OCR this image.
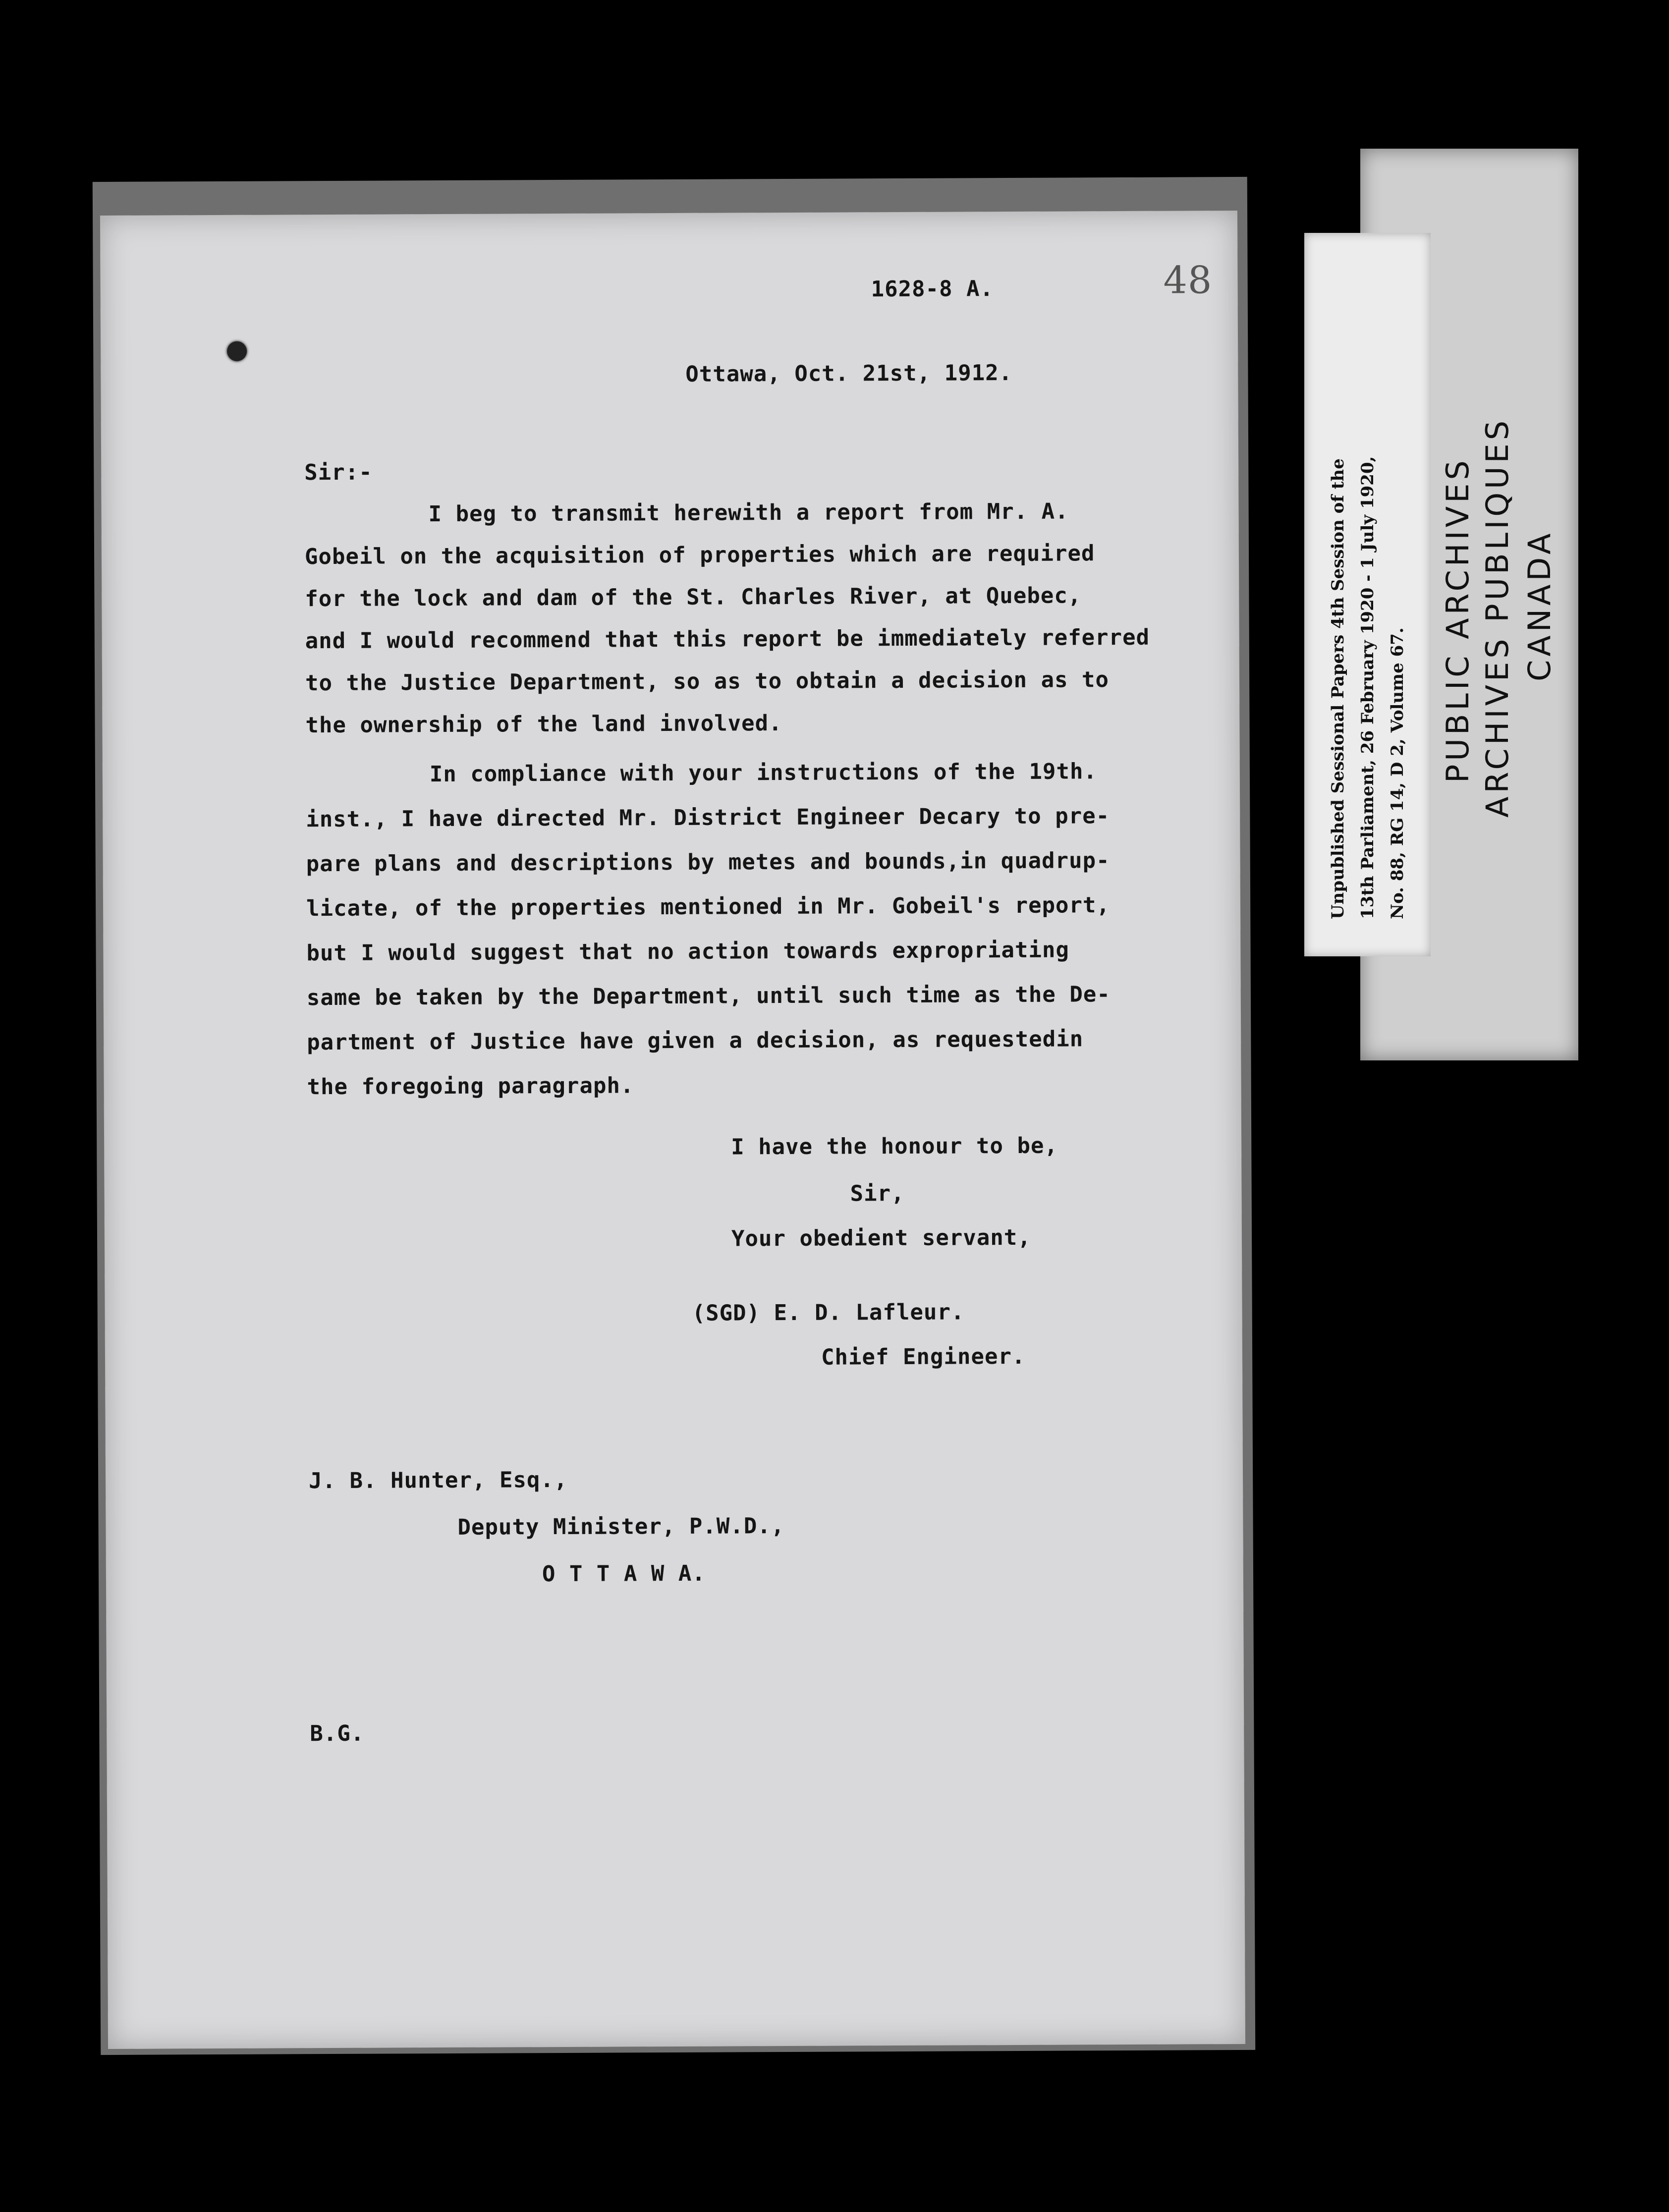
1628-8 A.	48
Ottawa, Oct. 21st, 1912.
Sir:-
I beg to transmit herewith a report from Mr. A.
Gobeil on the acquisition of properties which are required
for the lock and dam of the St. Charles River, at Quebec,
and I would recommend that this report be immediately referred
to the Justice Department, so as to obtain a decision as to
the ownership of the land involved.
In compliance with your instructions of the 19th.
inst., I have directed Mr. District Engineer Decary to pre-
pare plans and descriptions by metes and bounds,in quadrup-
licate, of the properties mentioned in Mr. Gobeil's report,
but I would suggest that no action towards expropriating
same be taken by the Department, until such time as the De-
partment of Justice have given a decision, as requestedin
the foregoing paragraph.
I have the honour to be,
Sir,
Your obedient servant,
(SGD) E. D. Lafleur.
Chief Engineer.
J. B. Hunter, Esq.,
Deputy Minister, P.W.D.,
O T T A W A.
B.G.
Unpublished Sessional Papers 4th Session of the 13th Parliament, 26 February 1920 - 1 July 1920, No. 88, RG 14, D 2, Volume 67. PUBLIC ARCHIVES ARCHIVES PUBLIQUES CANADA
